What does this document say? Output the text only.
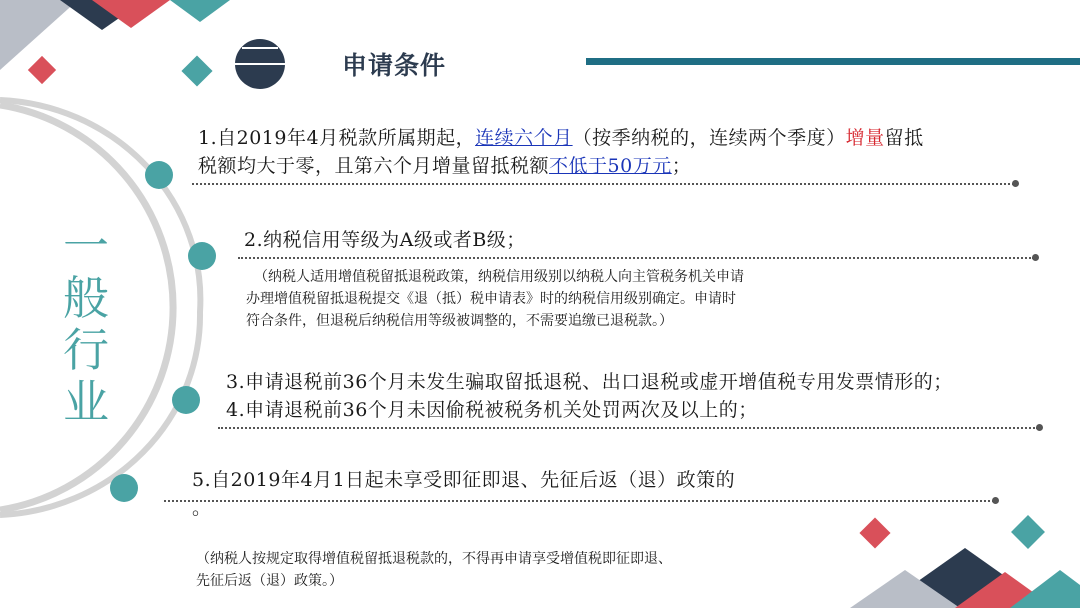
申请条件
一般行业
1.自2019年4月税款所属期起，连续六个月（按季纳税的，连续两个季度）增量留抵
税额均大于零，且第六个月增量留抵税额不低于50万元；
2.纳税信用等级为A级或者B级；
（纳税人适用增值税留抵退税政策，纳税信用级别以纳税人向主管税务机关申请
办理增值税留抵退税提交《退（抵）税申请表》时的纳税信用级别确定。申请时
符合条件，但退税后纳税信用等级被调整的，不需要追缴已退税款。）
3.申请退税前36个月未发生骗取留抵退税、出口退税或虚开增值税专用发票情形的；
4.申请退税前36个月未因偷税被税务机关处罚两次及以上的；
5.自2019年4月1日起未享受即征即退、先征后返（退）政策的
。
（纳税人按规定取得增值税留抵退税款的，不得再申请享受增值税即征即退、
先征后返（退）政策。）
